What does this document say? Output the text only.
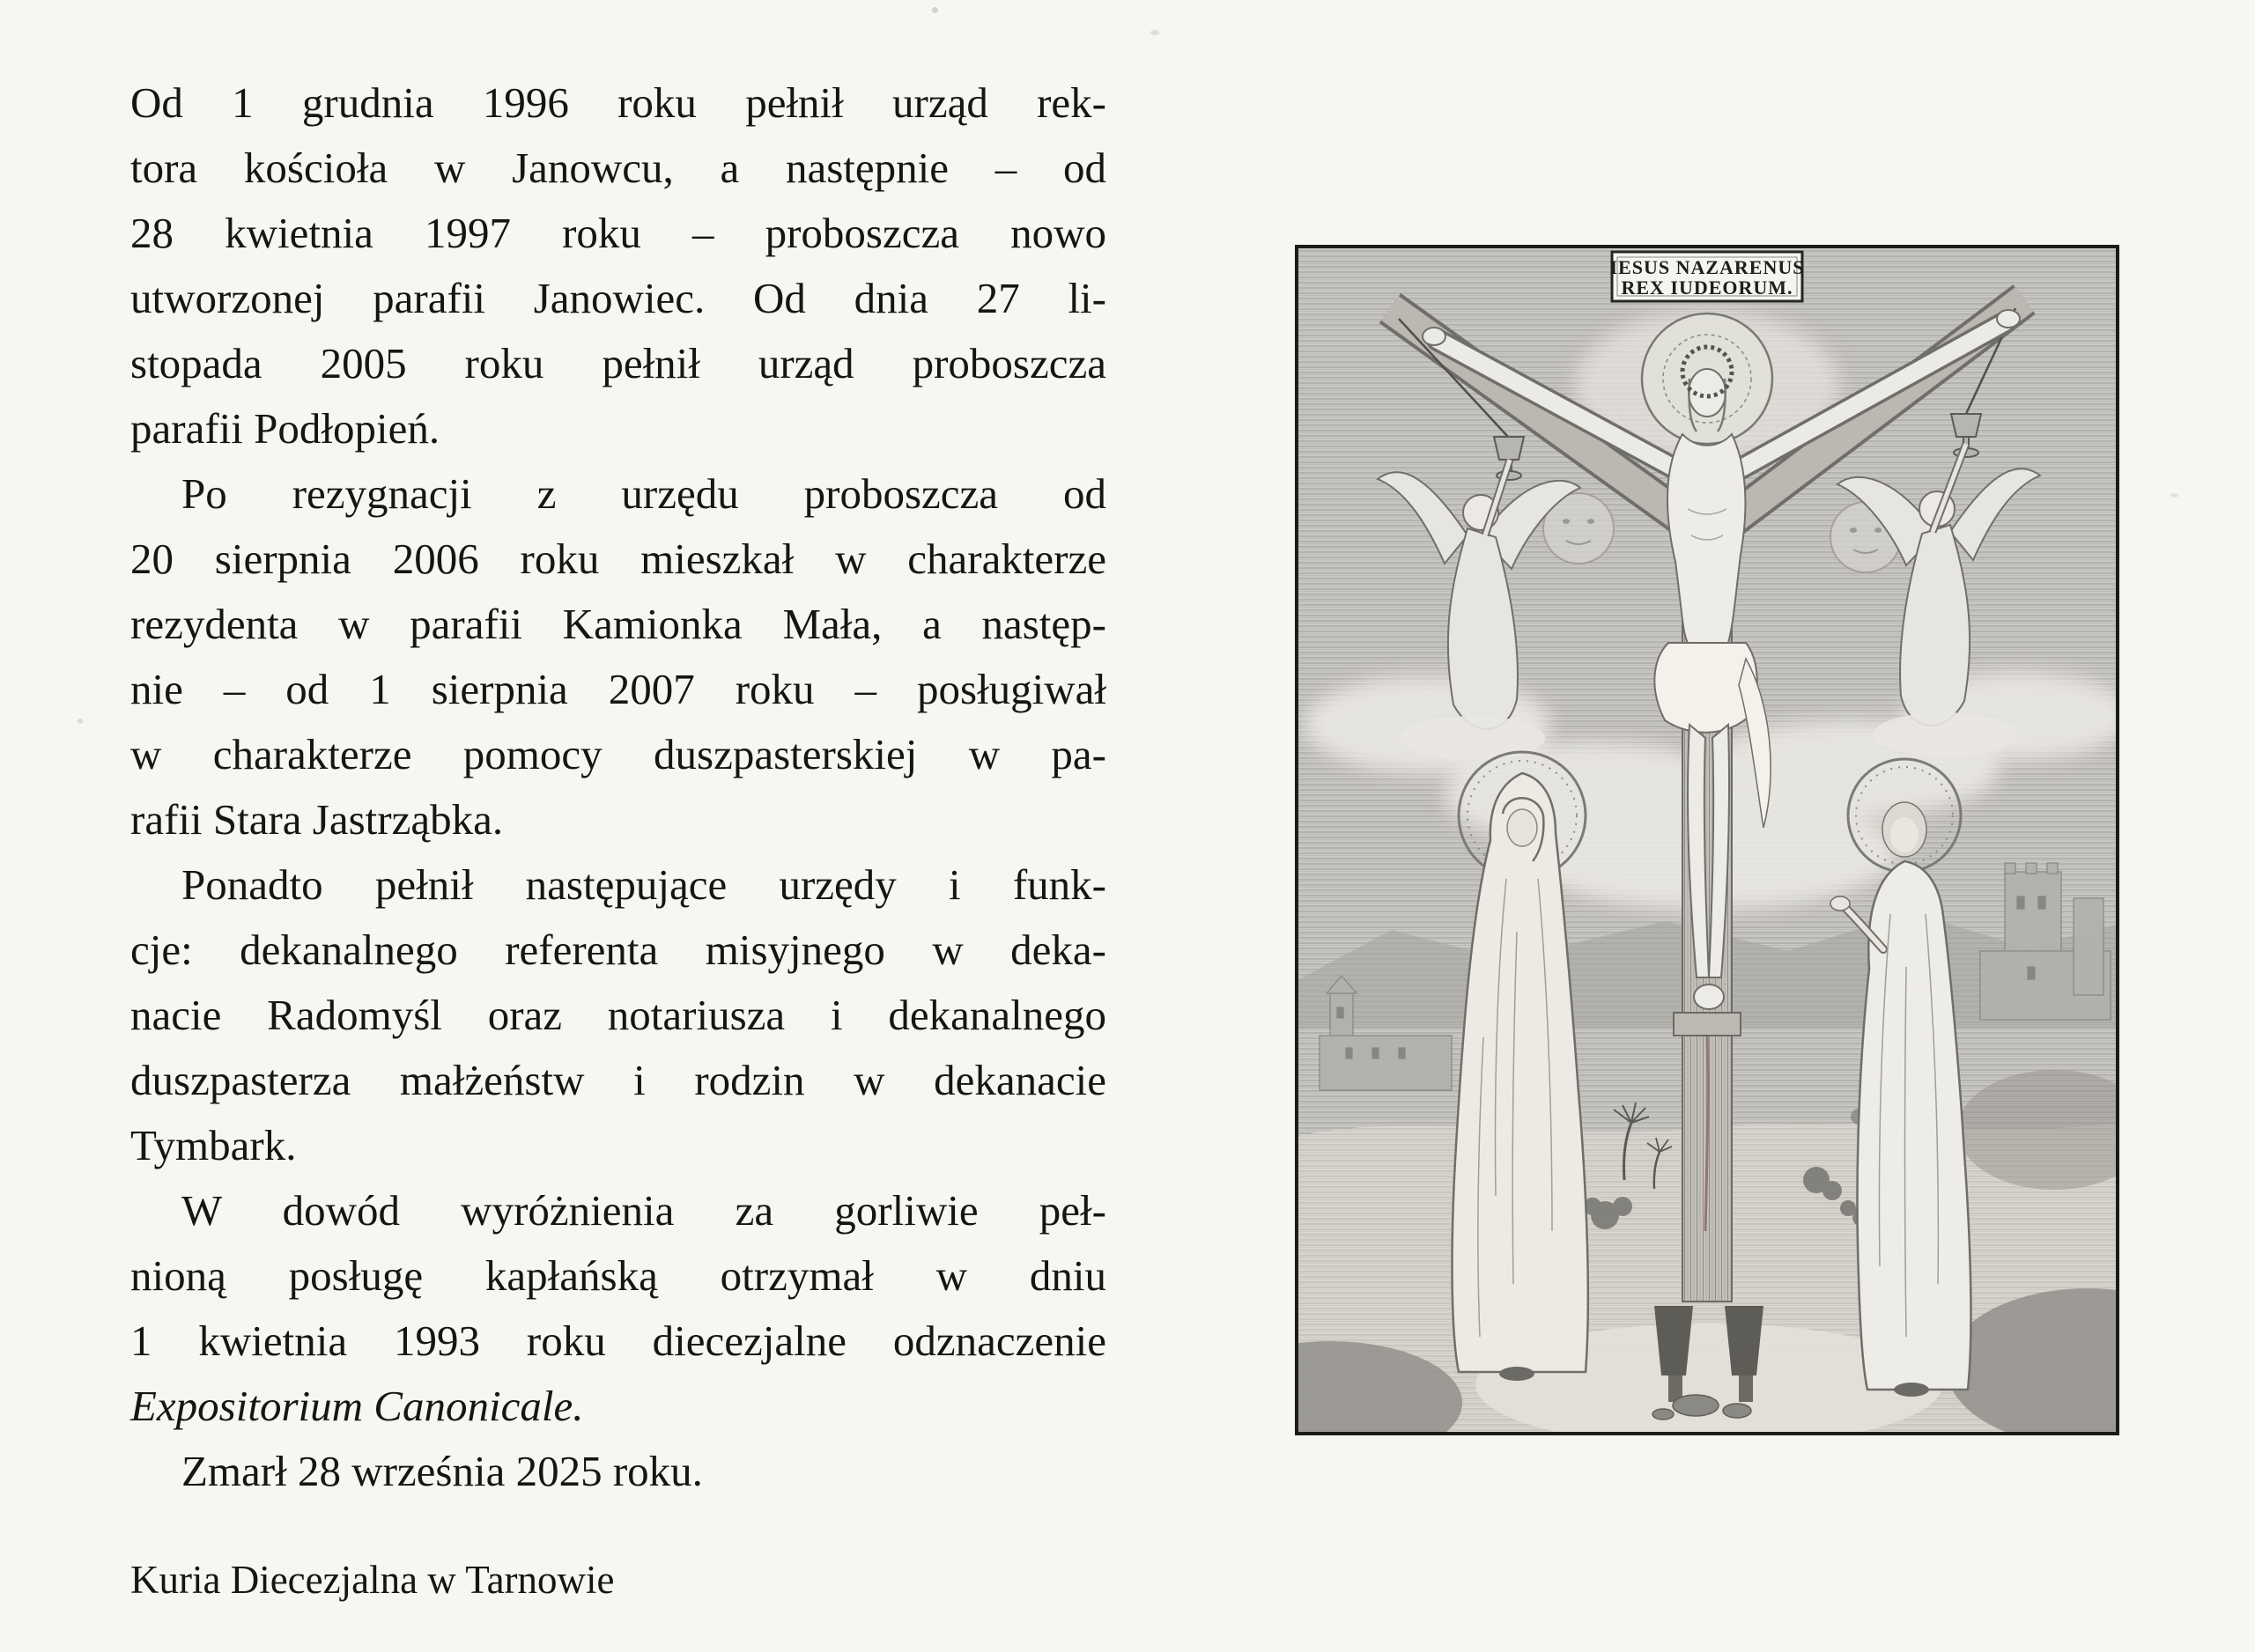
Od 1 grudnia 1996 roku pełnił urząd rek-
tora kościoła w Janowcu, a następnie – od
28 kwietnia 1997 roku – proboszcza nowo
utworzonej parafii Janowiec. Od dnia 27 li-
stopada 2005 roku pełnił urząd proboszcza
parafii Podłopień.
Po rezygnacji z urzędu proboszcza od
20 sierpnia 2006 roku mieszkał w charakterze
rezydenta w parafii Kamionka Mała, a następ-
nie – od 1 sierpnia 2007 roku – posługiwał
w charakterze pomocy duszpasterskiej w pa-
rafii Stara Jastrząbka.
Ponadto pełnił następujące urzędy i funk-
cje: dekanalnego referenta misyjnego w deka-
nacie Radomyśl oraz notariusza i dekanalnego
duszpasterza małżeństw i rodzin w dekanacie
Tymbark.
W dowód wyróżnienia za gorliwie peł-
nioną posługę kapłańską otrzymał w dniu
1 kwietnia 1993 roku diecezjalne odznaczenie
Expositorium Canonicale.
Zmarł 28 września 2025 roku.
Kuria Diecezjalna w Tarnowie
IESUS NAZARENUS
REX IUDEORUM.
